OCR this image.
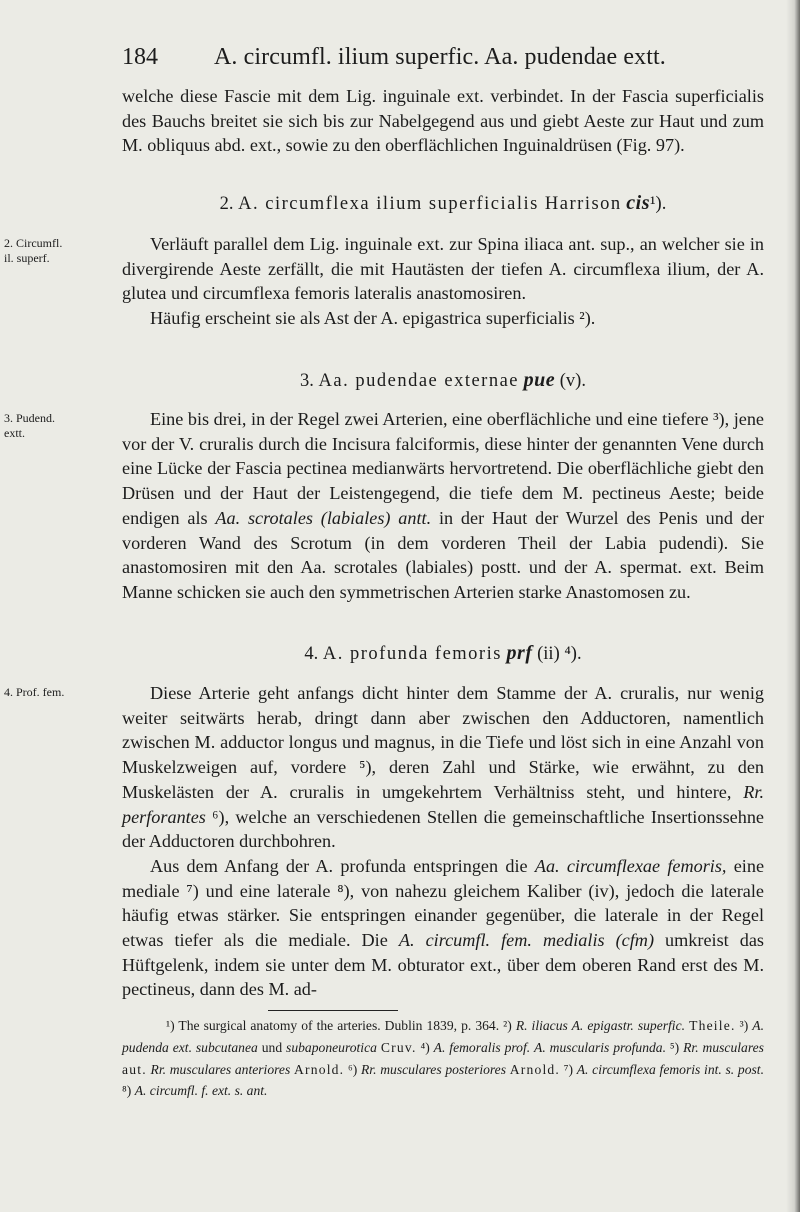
184 A. circumfl. ilium superfic. Aa. pudendae extt.

welche diese Fascie mit dem Lig. inguinale ext. verbindet. In der Fascia superficialis des Bauchs breitet sie sich bis zur Nabelgegend aus und giebt Aeste zur Haut und zum M. obliquus abd. ext., sowie zu den oberflächlichen Inguinaldrüsen (Fig. 97).

2. A. circumflexa ilium superficialis Harrison cis¹).
2. Circumfl.
il. superf.

Verläuft parallel dem Lig. inguinale ext. zur Spina iliaca ant. sup., an welcher sie in divergirende Aeste zerfällt, die mit Hautästen der tiefen A. circumflexa ilium, der A. glutea und circumflexa femoris lateralis anastomosiren.

Häufig erscheint sie als Ast der A. epigastrica superficialis ²).

3. Aa. pudendae externae pue (v).
3. Pudend.
extt.

Eine bis drei, in der Regel zwei Arterien, eine oberflächliche und eine tiefere ³), jene vor der V. cruralis durch die Incisura falciformis, diese hinter der genannten Vene durch eine Lücke der Fascia pectinea medianwärts hervortretend. Die oberflächliche giebt den Drüsen und der Haut der Leistengegend, die tiefe dem M. pectineus Aeste; beide endigen als Aa. scrotales (labiales) antt. in der Haut der Wurzel des Penis und der vorderen Wand des Scrotum (in dem vorderen Theil der Labia pudendi). Sie anastomosiren mit den Aa. scrotales (labiales) postt. und der A. spermat. ext. Beim Manne schicken sie auch den symmetrischen Arterien starke Anastomosen zu.

4. A. profunda femoris prf (ii) ⁴).
4. Prof. fem.	Diese Arterie geht anfangs dicht hinter dem Stamme der A. cruralis, nur wenig weiter seitwärts herab, dringt dann aber zwischen den Adductoren, namentlich zwischen M. adductor longus und magnus, in die Tiefe und löst sich in eine Anzahl von Muskelzweigen auf, vordere ⁵), deren Zahl und Stärke, wie erwähnt, zu den Muskelästen der A. cruralis in umgekehrtem Verhältniss steht, und hintere, Rr. perforantes ⁶), welche an verschiedenen Stellen die gemeinschaftliche Insertionssehne der Adductoren durchbohren.

Aus dem Anfang der A. profunda entspringen die Aa. circumflexae femoris, eine mediale ⁷) und eine laterale ⁸), von nahezu gleichem Kaliber (iv), jedoch die laterale häufig etwas stärker. Sie entspringen einander gegenüber, die laterale in der Regel etwas tiefer als die mediale. Die A. circumfl. fem. medialis (cfm) umkreist das Hüftgelenk, indem sie unter dem M. obturator ext., über dem oberen Rand erst des M. pectineus, dann des M. ad-

¹) The surgical anatomy of the arteries. Dublin 1839, p. 364. ²) R. iliacus A. epigastr. superfic. Theile. ³) A. pudenda ext. subcutanea und subaponeurotica Cruv. ⁴) A. femoralis prof. A. muscularis profunda. ⁵) Rr. musculares aut. Rr. musculares anteriores Arnold. ⁶) Rr. musculares posteriores Arnold. ⁷) A. circumflexa femoris int. s. post. ⁸) A. circumfl. f. ext. s. ant.
